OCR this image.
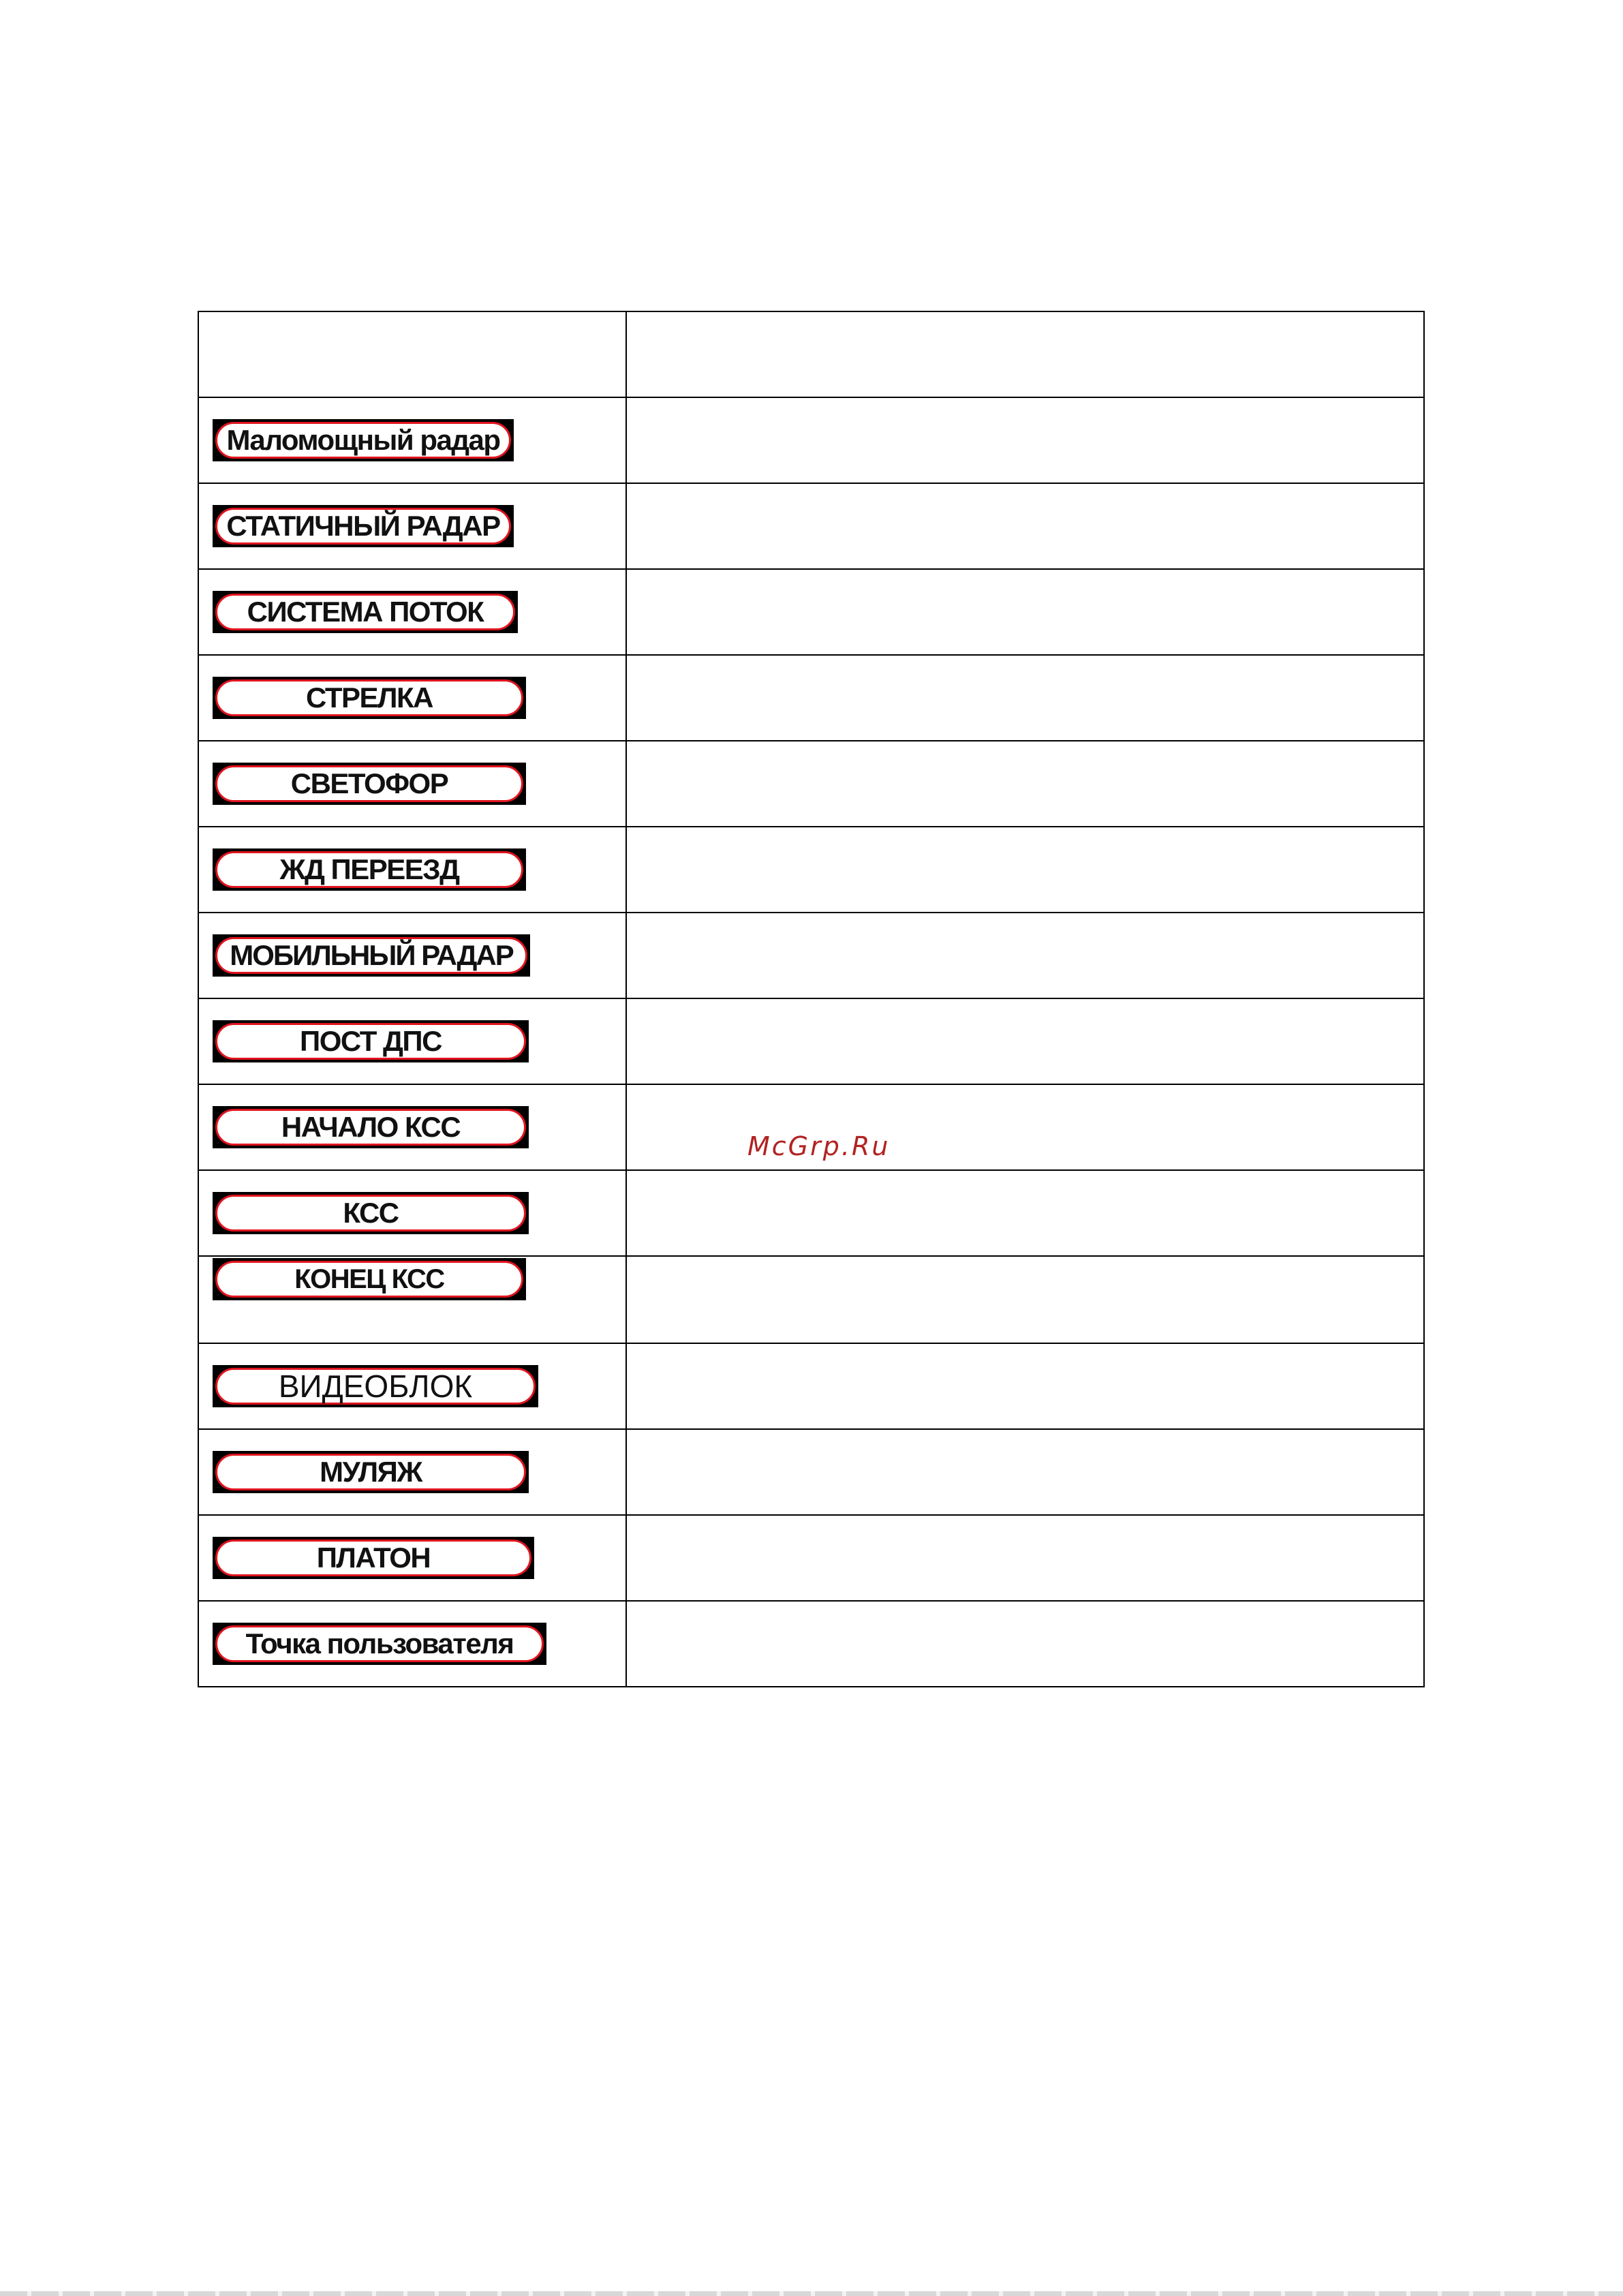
Маломощный радар	

СТАТИЧНЫЙ РАДАР	

СИСТЕМА ПОТОК	

СТРЕЛКА	

СВЕТОФОР	

ЖД ПЕРЕЕЗД	

МОБИЛЬНЫЙ РАДАР	

ПОСТ ДПС	

НАЧАЛО КСС	

КСС	

КОНЕЦ КСС	

ВИДЕОБЛОК	

МУЛЯЖ	

ПЛАТОН	

Точка пользователя	

McGrp.Ru
